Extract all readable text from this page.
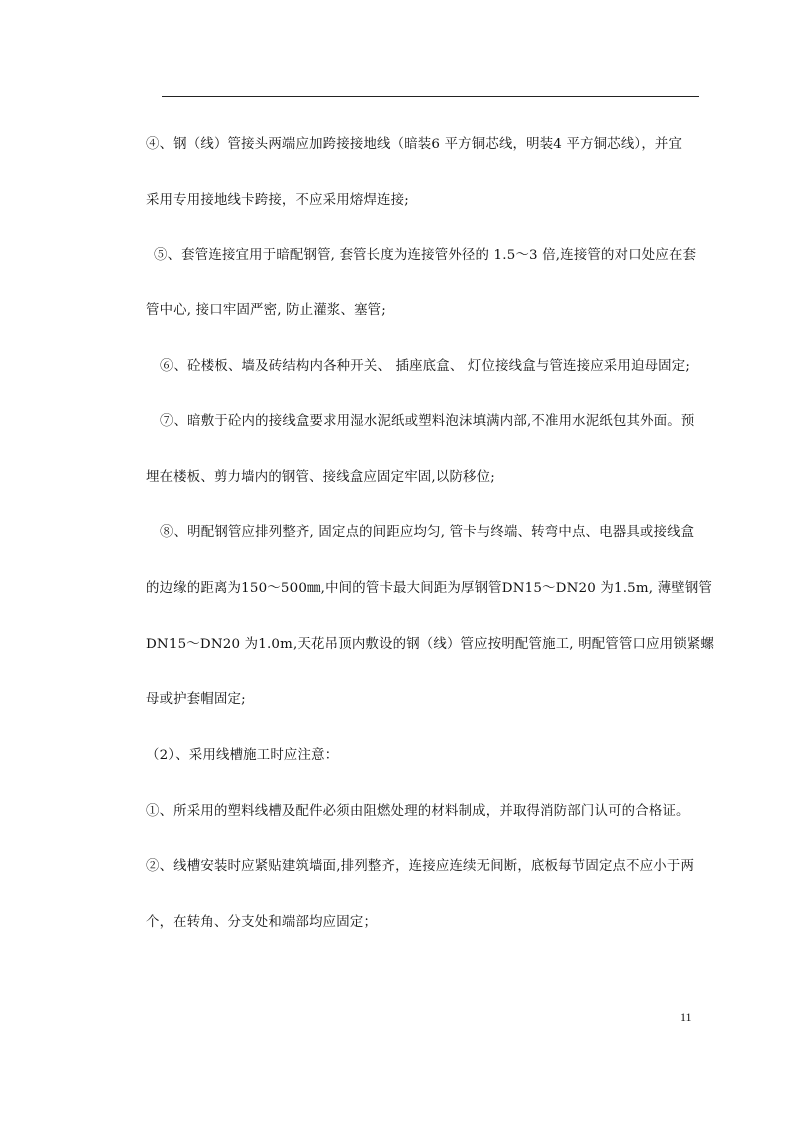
④、钢（线）管接头两端应加跨接接地线（暗装6 平方铜芯线，明装4 平方铜芯线），并宜
采用专用接地线卡跨接，不应采用熔焊连接;
⑤、套管连接宜用于暗配钢管, 套管长度为连接管外径的 1.5～3 倍,连接管的对口处应在套
管中心, 接口牢固严密, 防止灌浆、塞管;
⑥、砼楼板、墙及砖结构内各种开关、 插座底盒、 灯位接线盒与管连接应采用迫母固定;
⑦、暗敷于砼内的接线盒要求用湿水泥纸或塑料泡沫填满内部,不准用水泥纸包其外面。预
埋在楼板、剪力墙内的钢管、接线盒应固定牢固,以防移位;
⑧、明配钢管应排列整齐, 固定点的间距应均匀, 管卡与终端、转弯中点、电器具或接线盒
的边缘的距离为150～500㎜,中间的管卡最大间距为厚钢管DN15～DN20 为1.5m, 薄壁钢管
DN15～DN20 为1.0m,天花吊顶内敷设的钢（线）管应按明配管施工, 明配管管口应用锁紧螺
母或护套帽固定;
（2）、采用线槽施工时应注意：
①、所采用的塑料线槽及配件必须由阻燃处理的材料制成，并取得消防部门认可的合格证。
②、线槽安装时应紧贴建筑墙面,排列整齐，连接应连续无间断，底板每节固定点不应小于两
个，在转角、分支处和端部均应固定；
11
